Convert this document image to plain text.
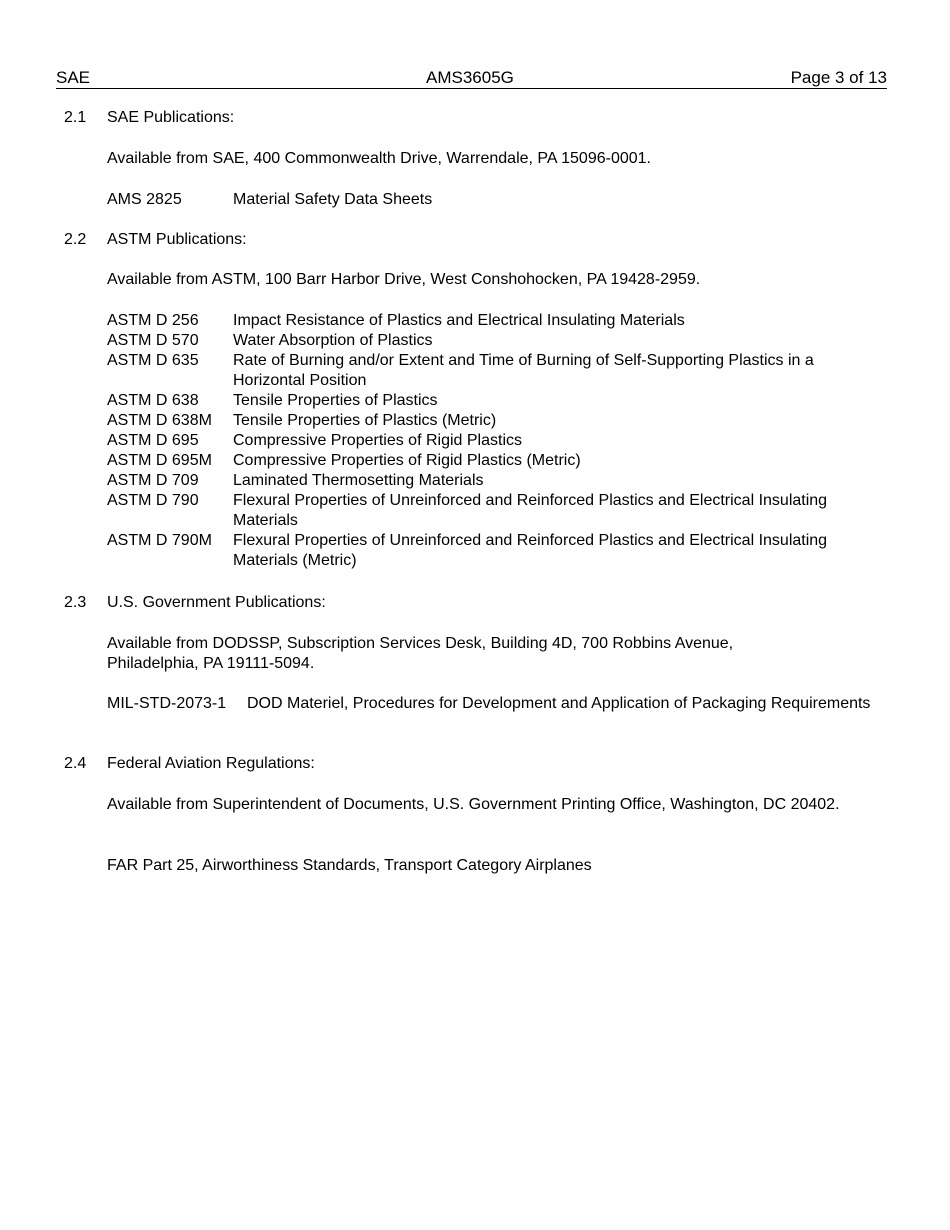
SAE	AMS3605G	Page 3 of 13
2.1 SAE Publications:
Available from SAE, 400 Commonwealth Drive, Warrendale, PA 15096-0001.
AMS 2825	Material Safety Data Sheets
2.2 ASTM Publications:
Available from ASTM, 100 Barr Harbor Drive, West Conshohocken, PA 19428-2959.
ASTM D 256	Impact Resistance of Plastics and Electrical Insulating Materials
ASTM D 570	Water Absorption of Plastics
ASTM D 635	Rate of Burning and/or Extent and Time of Burning of Self-Supporting Plastics in a Horizontal Position
ASTM D 638	Tensile Properties of Plastics
ASTM D 638M	Tensile Properties of Plastics (Metric)
ASTM D 695	Compressive Properties of Rigid Plastics
ASTM D 695M	Compressive Properties of Rigid Plastics (Metric)
ASTM D 709	Laminated Thermosetting Materials
ASTM D 790	Flexural Properties of Unreinforced and Reinforced Plastics and Electrical Insulating Materials
ASTM D 790M	Flexural Properties of Unreinforced and Reinforced Plastics and Electrical Insulating Materials (Metric)
2.3 U.S. Government Publications:
Available from DODSSP, Subscription Services Desk, Building 4D, 700 Robbins Avenue, Philadelphia, PA 19111-5094.
MIL-STD-2073-1	DOD Materiel, Procedures for Development and Application of Packaging Requirements
2.4 Federal Aviation Regulations:
Available from Superintendent of Documents, U.S. Government Printing Office, Washington, DC 20402.
FAR Part 25, Airworthiness Standards, Transport Category Airplanes
